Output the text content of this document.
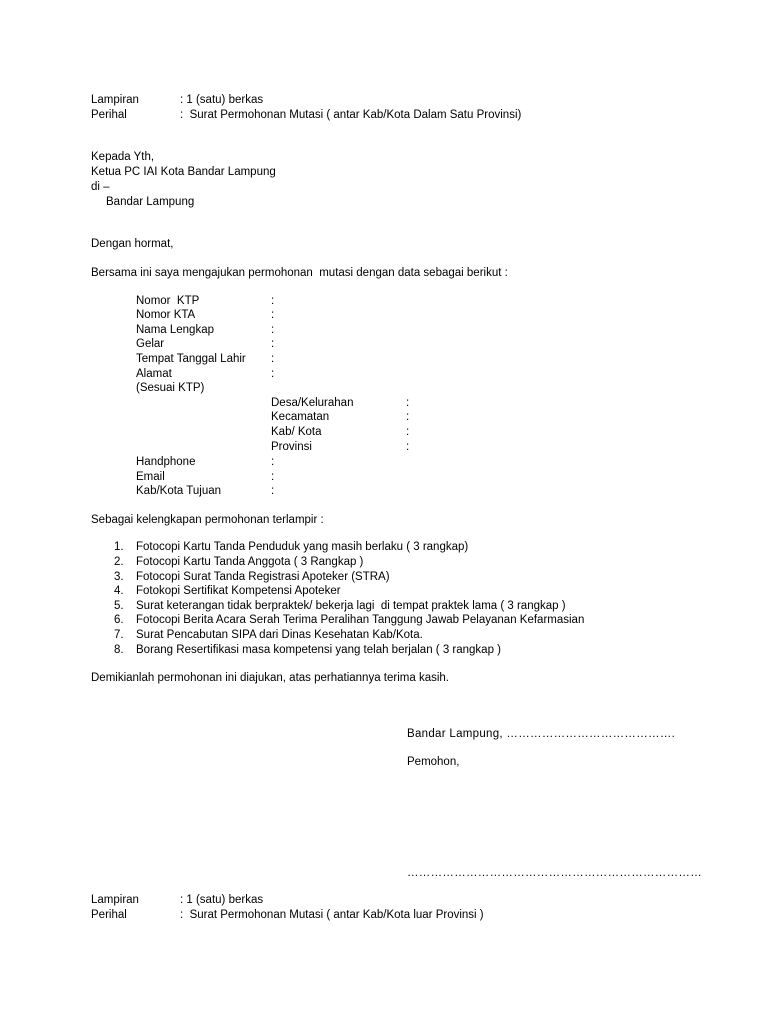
Lampiran	: 1 (satu) berkas
Perihal	:  Surat Permohonan Mutasi ( antar Kab/Kota Dalam Satu Provinsi)
Kepada Yth,
Ketua PC IAI Kota Bandar Lampung
di –
Bandar Lampung
Dengan hormat,
Bersama ini saya mengajukan permohonan  mutasi dengan data sebagai berikut :
Nomor  KTP	:
Nomor KTA	:
Nama Lengkap	:
Gelar	:
Tempat Tanggal Lahir :
Alamat	:
(Sesuai KTP)
Desa/Kelurahan	:
Kecamatan	:
Kab/ Kota	:
Provinsi	:
Handphone	:
Email	:
Kab/Kota Tujuan	:
Sebagai kelengkapan permohonan terlampir :
1. Fotocopi Kartu Tanda Penduduk yang masih berlaku ( 3 rangkap)
2. Fotocopi Kartu Tanda Anggota ( 3 Rangkap )
3. Fotocopi Surat Tanda Registrasi Apoteker (STRA)
4. Fotokopi Sertifikat Kompetensi Apoteker
5. Surat keterangan tidak berpraktek/ bekerja lagi  di tempat praktek lama ( 3 rangkap )
6. Fotocopi Berita Acara Serah Terima Peralihan Tanggung Jawab Pelayanan Kefarmasian
7. Surat Pencabutan SIPA dari Dinas Kesehatan Kab/Kota.
8. Borang Resertifikasi masa kompetensi yang telah berjalan ( 3 rangkap )
Demikianlah permohonan ini diajukan, atas perhatiannya terima kasih.
Bandar Lampung, …………………………………….
Pemohon,
…………………………………………………………………
Lampiran	: 1 (satu) berkas
Perihal	:  Surat Permohonan Mutasi ( antar Kab/Kota luar Provinsi )
